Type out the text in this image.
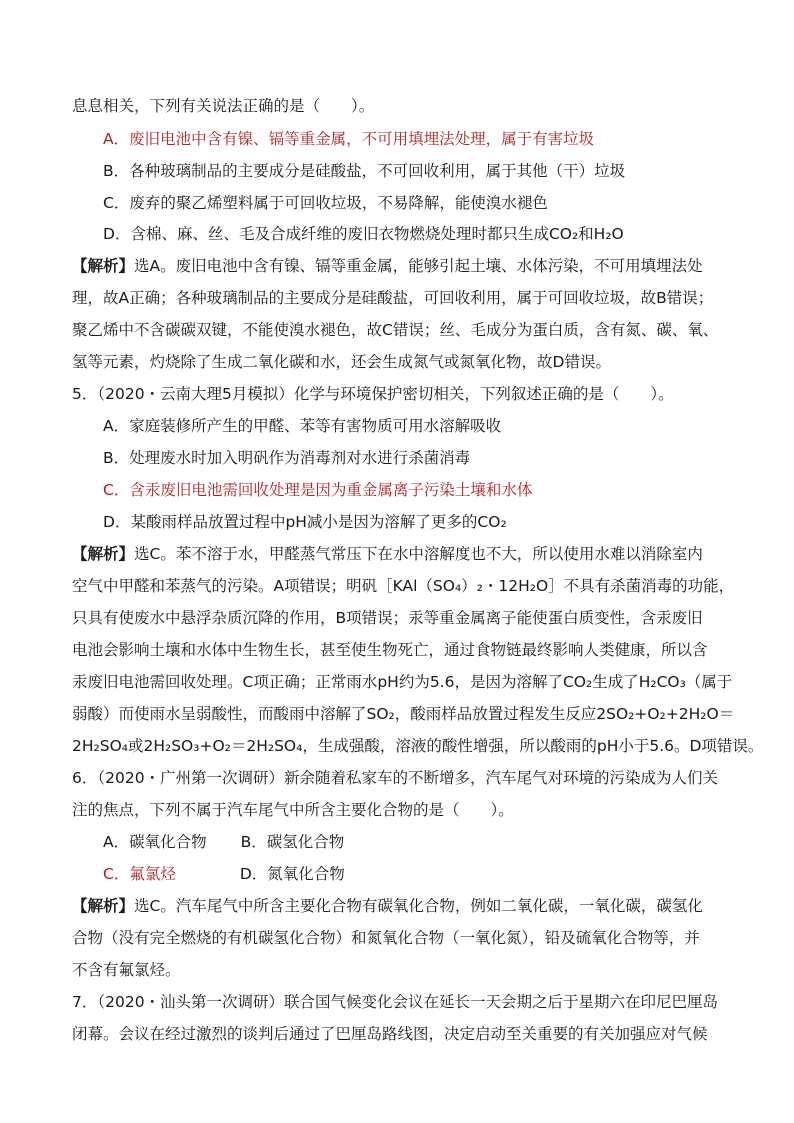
息息相关，下列有关说法正确的是（　　）。
A．废旧电池中含有镍、镉等重金属，不可用填埋法处理，属于有害垃圾
B．各种玻璃制品的主要成分是硅酸盐，不可回收利用，属于其他（干）垃圾
C．废弃的聚乙烯塑料属于可回收垃圾，不易降解，能使溴水褪色
D．含棉、麻、丝、毛及合成纤维的废旧衣物燃烧处理时都只生成CO₂和H₂O
【解析】选A。废旧电池中含有镍、镉等重金属，能够引起土壤、水体污染，不可用填埋法处
理，故A正确；各种玻璃制品的主要成分是硅酸盐，可回收利用，属于可回收垃圾，故B错误；
聚乙烯中不含碳碳双键，不能使溴水褪色，故C错误；丝、毛成分为蛋白质，含有氮、碳、氧、
氢等元素，灼烧除了生成二氧化碳和水，还会生成氮气或氮氧化物，故D错误。
5．（2020・云南大理5月模拟）化学与环境保护密切相关，下列叙述正确的是（　　）。
A．家庭装修所产生的甲醛、苯等有害物质可用水溶解吸收
B．处理废水时加入明矾作为消毒剂对水进行杀菌消毒
C．含汞废旧电池需回收处理是因为重金属离子污染土壤和水体
D．某酸雨样品放置过程中pH减小是因为溶解了更多的CO₂
【解析】选C。苯不溶于水，甲醛蒸气常压下在水中溶解度也不大，所以使用水难以消除室内
空气中甲醛和苯蒸气的污染。A项错误；明矾［KAl（SO₄）₂・12H₂O］不具有杀菌消毒的功能，
只具有使废水中悬浮杂质沉降的作用，B项错误；汞等重金属离子能使蛋白质变性，含汞废旧
电池会影响土壤和水体中生物生长，甚至使生物死亡，通过食物链最终影响人类健康，所以含
汞废旧电池需回收处理。C项正确；正常雨水pH约为5.6，是因为溶解了CO₂生成了H₂CO₃（属于
弱酸）而使雨水呈弱酸性，而酸雨中溶解了SO₂，酸雨样品放置过程发生反应2SO₂+O₂+2H₂O＝
2H₂SO₄或2H₂SO₃+O₂＝2H₂SO₄，生成强酸，溶液的酸性增强，所以酸雨的pH小于5.6。D项错误。
6．（2020・广州第一次调研）新余随着私家车的不断增多，汽车尾气对环境的污染成为人们关
注的焦点，下列不属于汽车尾气中所含主要化合物的是（　　）。
A．碳氧化合物 B．碳氢化合物
C．氟氯烃	D．氮氧化合物
【解析】选C。汽车尾气中所含主要化合物有碳氧化合物，例如二氧化碳，一氧化碳，碳氢化
合物（没有完全燃烧的有机碳氢化合物）和氮氧化合物（一氧化氮），铅及硫氧化合物等，并
不含有氟氯烃。
7．（2020・汕头第一次调研）联合国气候变化会议在延长一天会期之后于星期六在印尼巴厘岛
闭幕。会议在经过激烈的谈判后通过了巴厘岛路线图，决定启动至关重要的有关加强应对气候
